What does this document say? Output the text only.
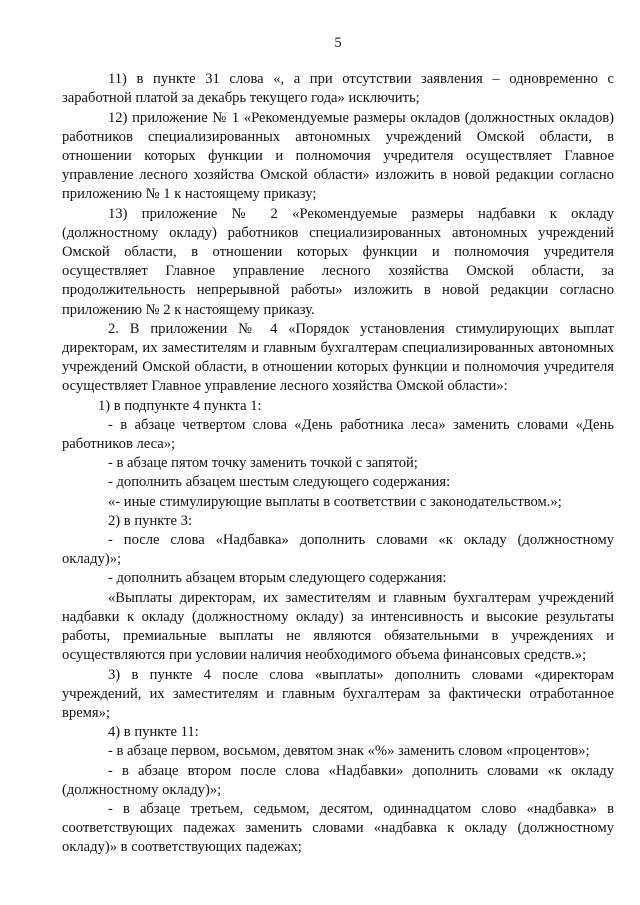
5

11) в пункте 31 слова «, а при отсутствии заявления – одновременно с заработной платой за декабрь текущего года» исключить;

12) приложение № 1 «Рекомендуемые размеры окладов (должностных окладов) работников специализированных автономных учреждений Омской области, в отношении которых функции и полномочия учредителя осуществляет Главное управление лесного хозяйства Омской области» изложить в новой редакции согласно приложению № 1 к настоящему приказу;

13) приложение № 2 «Рекомендуемые размеры надбавки к окладу (должностному окладу) работников специализированных автономных учреждений Омской области, в отношении которых функции и полномочия учредителя осуществляет Главное управление лесного хозяйства Омской области, за продолжительность непрерывной работы» изложить в новой редакции согласно приложению № 2 к настоящему приказу.

2. В приложении № 4 «Порядок установления стимулирующих выплат директорам, их заместителям и главным бухгалтерам специализированных автономных учреждений Омской области, в отношении которых функции и полномочия учредителя осуществляет Главное управление лесного хозяйства Омской области»:

1) в подпункте 4 пункта 1:

- в абзаце четвертом слова «День работника леса» заменить словами «День работников леса»;

- в абзаце пятом точку заменить точкой с запятой;

- дополнить абзацем шестым следующего содержания:

«- иные стимулирующие выплаты в соответствии с законодательством.»;

2) в пункте 3:

- после слова «Надбавка» дополнить словами «к окладу (должностному окладу)»;

- дополнить абзацем вторым следующего содержания:

«Выплаты директорам, их заместителям и главным бухгалтерам учреждений надбавки к окладу (должностному окладу) за интенсивность и высокие результаты работы, премиальные выплаты не являются обязательными в учреждениях и осуществляются при условии наличия необходимого объема финансовых средств.»;

3) в пункте 4 после слова «выплаты» дополнить словами «директорам учреждений, их заместителям и главным бухгалтерам за фактически отработанное время»;

4) в пункте 11:

- в абзаце первом, восьмом, девятом знак «%» заменить словом «процентов»;

- в абзаце втором после слова «Надбавки» дополнить словами «к окладу (должностному окладу)»;

- в абзаце третьем, седьмом, десятом, одиннадцатом слово «надбавка» в соответствующих падежах заменить словами «надбавка к окладу (должностному окладу)» в соответствующих падежах;
